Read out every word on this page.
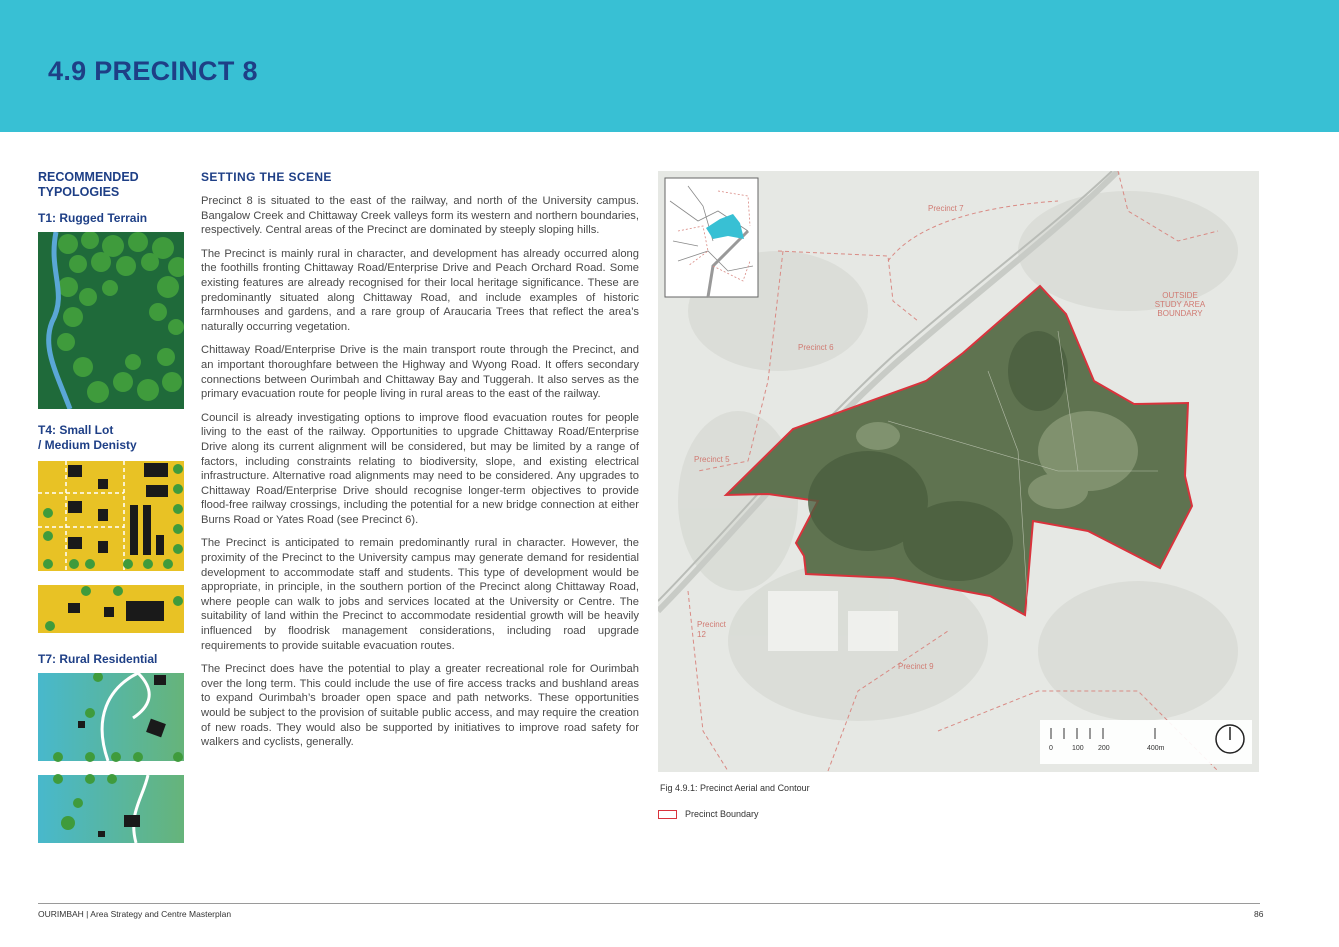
4.9 PRECINCT 8

RECOMMENDED TYPOLOGIES

T1: Rugged Terrain

T4: Small Lot
/ Medium Denisty

T7: Rural Residential

SETTING THE SCENE

Precinct 8 is situated to the east of the railway, and north of the University campus. Bangalow Creek and Chittaway Creek valleys form its western and northern boundaries, respectively. Central areas of the Precinct are dominated by steeply sloping hills.

The Precinct is mainly rural in character, and development has already occurred along the foothills fronting Chittaway Road/Enterprise Drive and Peach Orchard Road. Some existing features are already recognised for their local heritage significance. These are predominantly situated along Chittaway Road, and include examples of historic farmhouses and gardens, and a rare group of Araucaria Trees that reflect the area’s naturally occurring vegetation.

Chittaway Road/Enterprise Drive is the main transport route through the Precinct, and an important thoroughfare between the Highway and Wyong Road. It offers secondary connections between Ourimbah and Chittaway Bay and Tuggerah. It also serves as the primary evacuation route for people living in rural areas to the east of the railway.

Council is already investigating options to improve flood evacuation routes for people living to the east of the railway. Opportunities to upgrade Chittaway Road/Enterprise Drive along its current alignment will be considered, but may be limited by a range of factors, including constraints relating to biodiversity, slope, and existing electrical infrastructure. Alternative road alignments may need to be considered. Any upgrades to Chittaway Road/Enterprise Drive should recognise longer-term objectives to provide flood-free railway crossings, including the potential for a new bridge connection at either Burns Road or Yates Road (see Precinct 6).

The Precinct is anticipated to remain predominantly rural in character. However, the proximity of the Precinct to the University campus may generate demand for residential development to accommodate staff and students. This type of development would be appropriate, in principle, in the southern portion of the Precinct along Chittaway Road, where people can walk to jobs and services located at the University or Centre. The suitability of land within the Precinct to accommodate residential growth will be heavily influenced by floodrisk management considerations, including road upgrade requirements to provide suitable evacuation routes.

The Precinct does have the potential to play a greater recreational role for Ourimbah over the long term. This could include the use of fire access tracks and bushland areas to expand Ourimbah’s broader open space and path networks. These opportunities would be subject to the provision of suitable public access, and may require the creation of new roads. They would also be supported by initiatives to improve road safety for walkers and cyclists, generally.

Precinct 7
Precinct 6
Precinct 5
Precinct
12
Precinct 9
OUTSIDE
STUDY AREA
BOUNDARY
0	100 200	400m
Fig 4.9.1: Precinct Aerial and Contour
Precinct Boundary
OURIMBAH | Area Strategy and Centre Masterplan	86
